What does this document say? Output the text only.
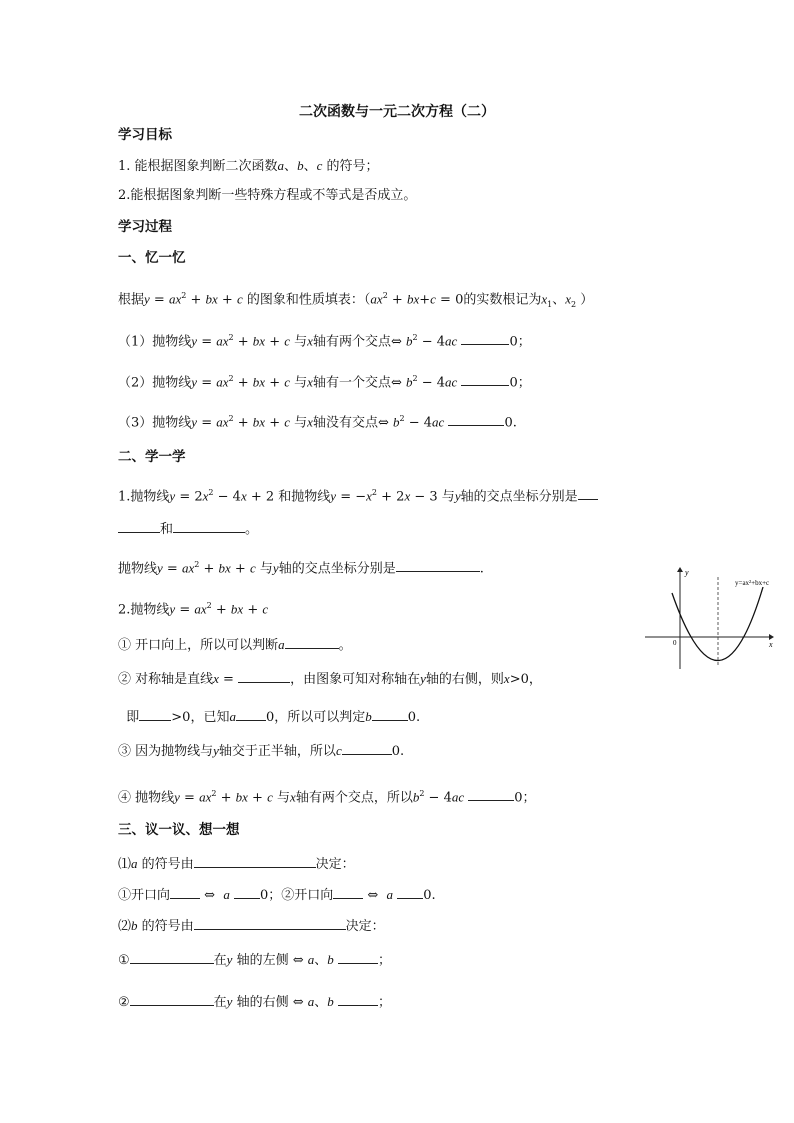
二次函数与一元二次方程（二）
学习目标
1. 能根据图象判断二次函数a、b、c 的符号；
2.能根据图象判断一些特殊方程或不等式是否成立。
学习过程
一、忆一忆
根据$y = ax^2$ + bx + c 的图象和性质填表：（$ax^2 + bx+c = 0$的实数根记为$x_1$、$x_2$ ）
（1）抛物线$y = ax^2$ + bx + c 与x轴有两个交点⇔ $b^2 - 4ac$	0；
（2）抛物线$y = ax^2$ + bx + c 与x轴有一个交点⇔ $b^2 - 4ac$	0；
（3）抛物线$y = ax^2$ + bx + c 与x轴没有交点⇔ $b^2 - 4ac$	0.
二、学一学
1.抛物线$y = 2x^2 - 4x + 2$ 和抛物线$y = -x^2 + 2x - 3$ 与y轴的交点坐标分别是
和	。
抛物线$y = ax^2$ + bx + c 与y轴的交点坐标分别是	.
2.抛物线$y = ax^2$ + bx + c
① 开口向上，所以可以判断a	。
② 对称轴是直线x =	，由图象可知对称轴在y轴的右侧，则x>0，
即 >0，已知a 0，所以可以判定b	0.
③ 因为抛物线与y轴交于正半轴，所以c	0.
④ 抛物线$y = ax^2$ + bx + c 与x轴有两个交点，所以$b^2 - 4ac$	0；
三、议一议、想一想
⑴a 的符号由	决定：
①开口向 ⇔  a 0；②开口向 ⇔  a 0.
⑵b 的符号由	决定：
①	在y 轴的左侧 ⇔ a、b	；
②	在y 轴的右侧 ⇔ a、b	；
y
x
0
y=ax²+bx+c
